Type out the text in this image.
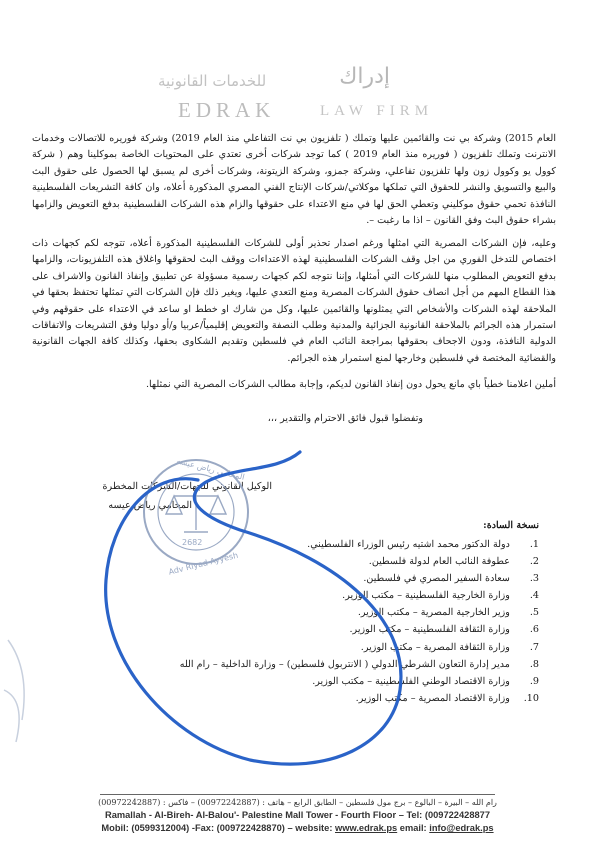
إدراك
للخدمات القانونية
EDRAK	LAW FIRM

العام 2015) وشركة بي نت والقائمين عليها وتملك ( تلفزيون بي نت التفاعلي منذ العام 2019) وشركة فوريره للاتصالات وخدمات الانترنت وتملك تلفزيون ( فوريره منذ العام 2019 ) كما توجد شركات أخرى تعتدي على المحتويات الخاصة بموكلينا وهم ( شركة كوول يو وكوول زون ولها تلفزيون تفاعلي، وشركة جمزو، وشركة الزيتونة، وشركات أخرى لم يسبق لها الحصول على حقوق البث والبيع والتسويق والنشر للحقوق التي تملكها موكلاتي/شركات الإنتاج الفني المصري المذكورة أعلاه، وان كافة التشريعات الفلسطينية النافذة تحمي حقوق موكليني وتعطي الحق لها في منع الاعتداء على حقوقها والزام هذه الشركات الفلسطينية بدفع التعويض والزامها بشراء حقوق البث وفق القانون – اذا ما رغبت –.

وعليه، فإن الشركات المصرية التي امثلها ورغم اصدار تحذير أولى للشركات الفلسطينية المذكورة أعلاه، تتوجه لكم كجهات ذات اختصاص للتدخل الفوري من اجل وقف الشركات الفلسطينية لهذه الاعتداءات ووقف البث لحقوقها واغلاق هذه التلفزيونات، والزامها بدفع التعويض المطلوب منها للشركات التي أمثلها، وإننا نتوجه لكم كجهات رسمية مسؤولة عن تطبيق وإنفاذ القانون والاشراف على هذا القطاع المهم من أجل انصاف حقوق الشركات المصرية ومنع التعدي عليها، ويغير ذلك فإن الشركات التي تمثلها تحتفظ بحقها في الملاحقة لهذه الشركات والأشخاص التي يمثلونها والقائمين عليها، وكل من شارك او خطط او ساعد في الاعتداء على حقوقهم وفي استمرار هذه الجرائم بالملاحقة القانونية الجزائية والمدنية وطلب النصفة والتعويض إقليمياً/عربيا و/أو دوليا وفق التشريعات والاتفاقات الدولية النافذة، ودون الاجحاف بحقوقها بمراجعة النائب العام في فلسطين وتقديم الشكاوى بحقها، وكذلك كافة الجهات القانونية والقضائية المختصة في فلسطين وخارجها لمنع استمرار هذه الجرائم.

أملين اعلامنا خطياً باي مانع يحول دون إنفاذ القانون لديكم، وإجابة مطالب الشركات المصرية التي نمثلها.

وتفضلوا قبول فائق الاحترام والتقدير ،،،
الوكيل القانوني للجهات/الشركات المخطرة
المحامي رياض عيسه
نسخة السادة:
1. دولة الدكتور محمد اشتيه رئيس الوزراء الفلسطيني.
2. عطوفة النائب العام لدولة فلسطين.
3. سعادة السفير المصري في فلسطين.
4. وزارة الخارجية الفلسطينية – مكتب الوزير.
5. وزير الخارجية المصرية – مكتب الوزير.
6. وزارة الثقافة الفلسطينية – مكتب الوزير.
7. وزارة الثقافة المصرية – مكتب الوزير.
8. مدير إدارة التعاون الشرطي الدولي ( الانتربول فلسطين) – وزارة الداخلية – رام الله
9. وزارة الاقتصاد الوطني الفلسطينية – مكتب الوزير.
10. وزارة الاقتصاد المصرية – مكتب الوزير.
2682
Adv Riyad Ayyesh
المحامي رياض عيسه
رام الله – البيرة – البالوع – برج مول فلسطين – الطابق الرابع – هاتف : (00972242887) – فاكس : (00972242887)
Ramallah - Al-Bireh- Al-Balou'- Palestine Mall Tower - Fourth Floor – Tel: (009722428877
Mobil: (0599312004) -Fax: (009722428870) – website: www.edrak.ps email: info@edrak.ps
